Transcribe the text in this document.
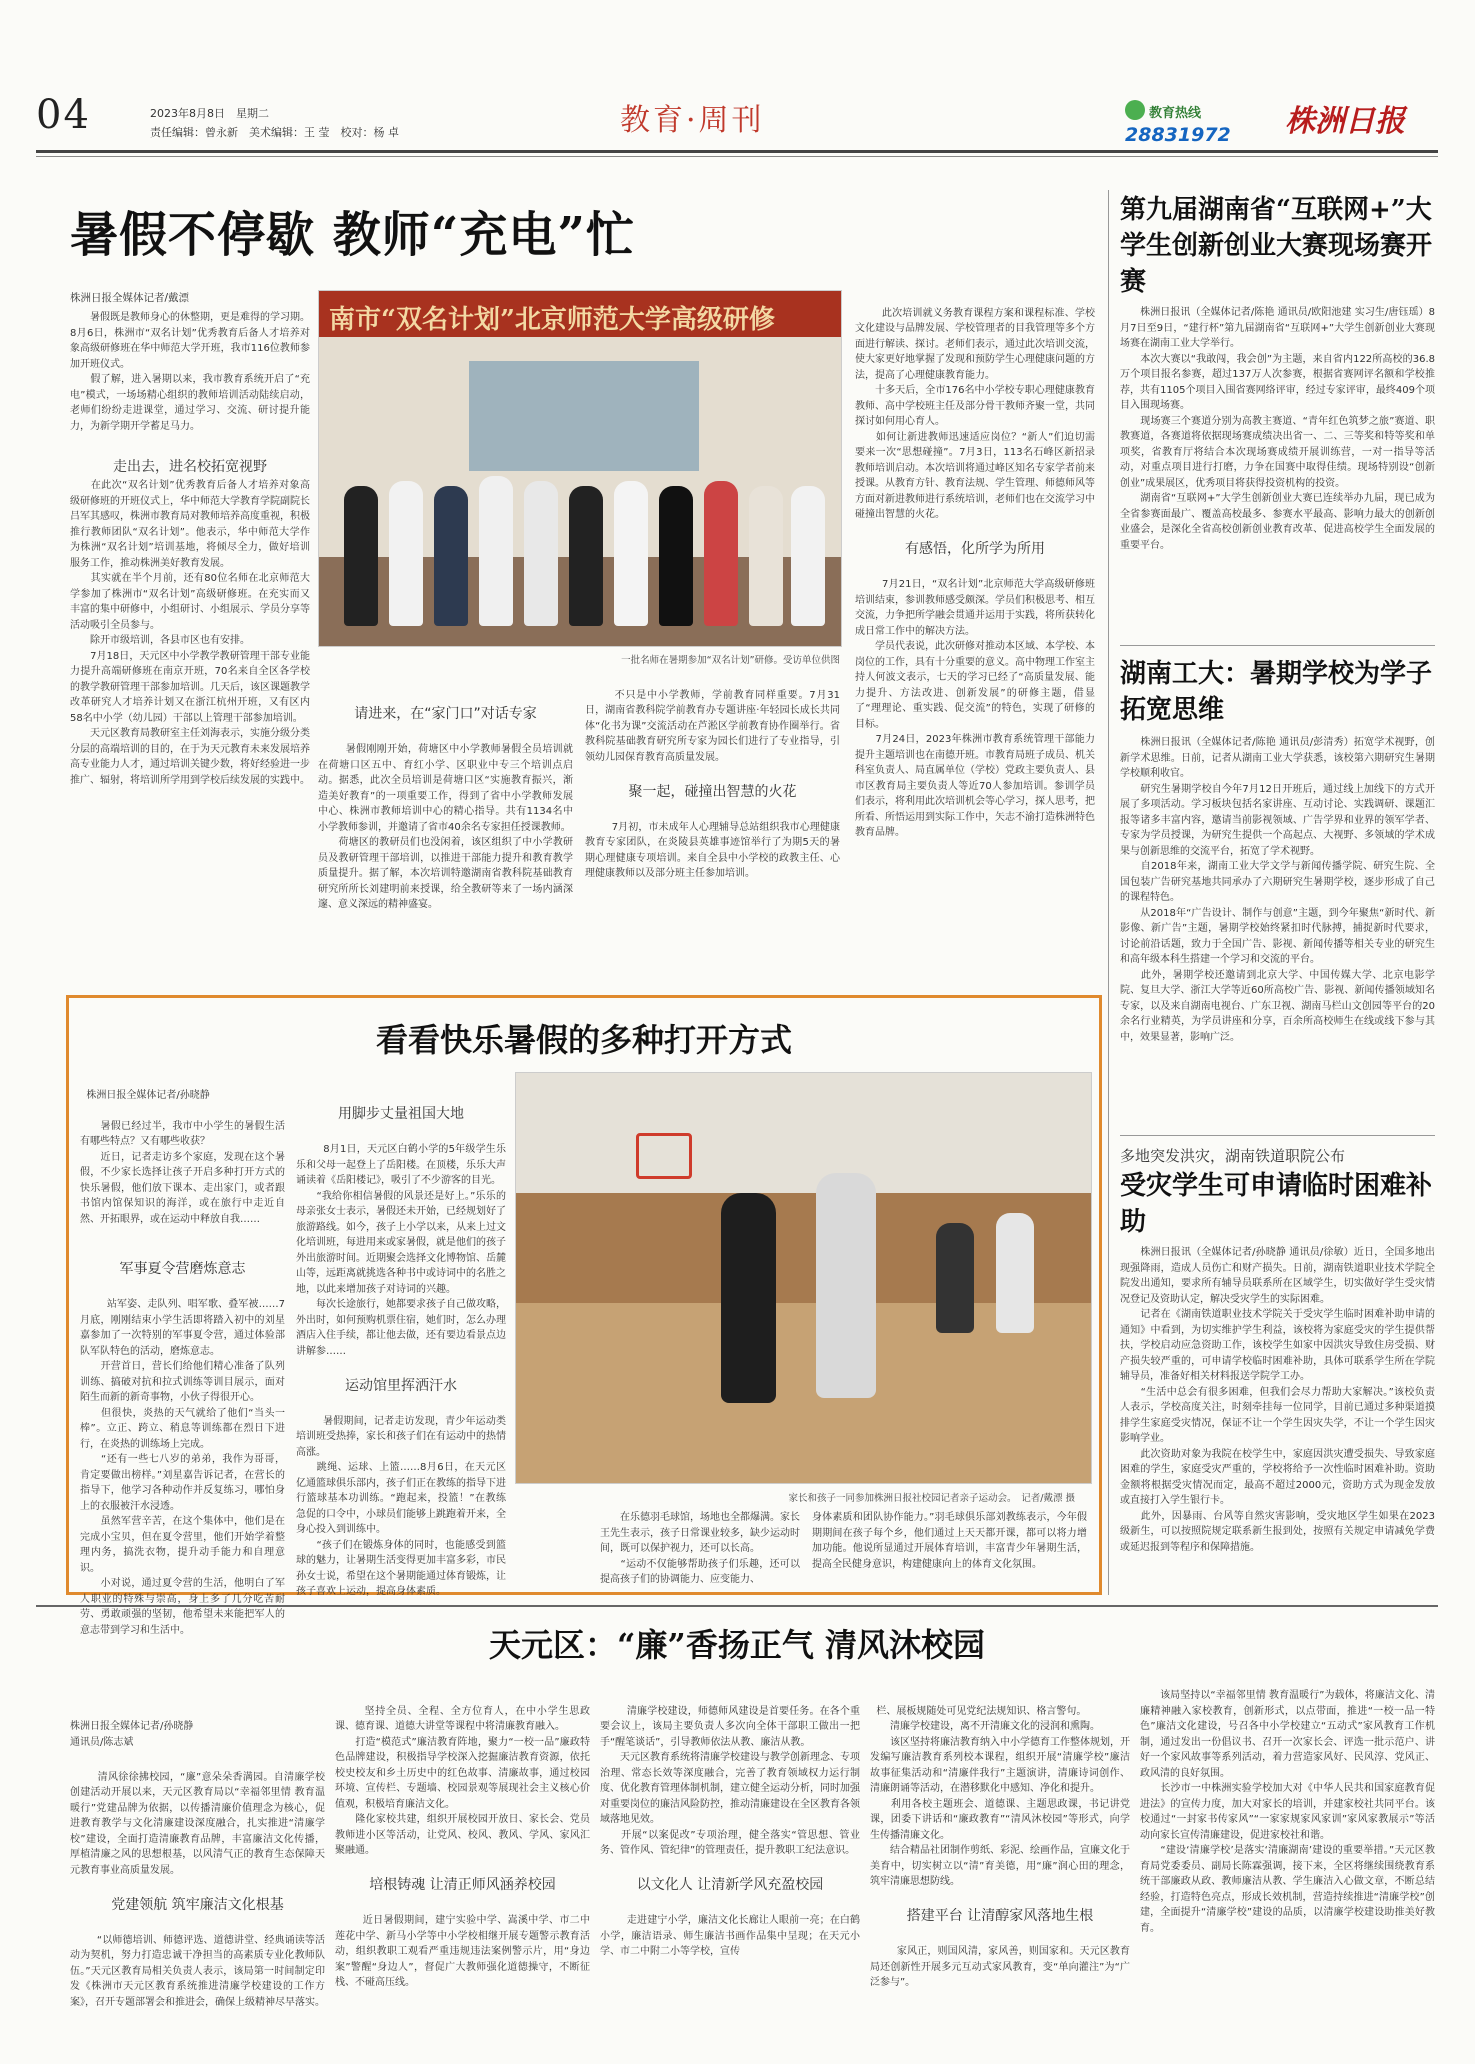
04	2023年8月8日　星期二
责任编辑：曾永新　美术编辑：王 莹　校对：杨 卓	教育·周刊	教育热线
28831972 株洲日报
暑假不停歇 教师“充电”忙
株洲日报全媒体记者/戴漂
　　暑假既是教师身心的休整期，更是难得的学习期。8月6日，株洲市“双名计划”优秀教育后备人才培养对象高级研修班在华中师范大学开班，我市116位教师参加开班仪式。
　　假了解，进入暑期以来，我市教育系统开启了“充电”模式，一场场精心组织的教师培训活动陆续启动，老师们纷纷走进课堂，通过学习、交流、研讨提升能力，为新学期开学蓄足马力。
走出去，进名校拓宽视野
　　在此次“双名计划”优秀教育后备人才培养对象高级研修班的开班仪式上，华中师范大学教育学院副院长吕军其感叹，株洲市教育局对教师培养高度重视，积极推行教师团队“双名计划”。他表示，华中师范大学作为株洲“双名计划”培训基地，将倾尽全力，做好培训服务工作，推动株洲美好教育发展。
　　其实就在半个月前，还有80位名师在北京师范大学参加了株洲市“双名计划”高级研修班。在充实而又丰富的集中研修中，小组研讨、小组展示、学员分享等活动吸引全员参与。
　　除开市级培训，各县市区也有安排。
　　7月18日，天元区中小学教学教研管理干部专业能力提升高端研修班在南京开班，70名来自全区各学校的教学教研管理干部参加培训。几天后，该区课题教学改革研究人才培养计划又在浙江杭州开班，又有区内58名中小学（幼儿园）干部以上管理干部参加培训。
　　天元区教育局教研室主任刘海表示，实施分级分类分层的高端培训的目的，在于为天元教育未来发展培养高专业能力人才，通过培训关键少数，将好经验进一步推广、辐射，将培训所学用到学校后续发展的实践中。
南市“双名计划”北京师范大学高级研修
一批名师在暑期参加“双名计划”研修。受访单位供图

请进来，在“家门口”对话专家

　　暑假刚刚开始，荷塘区中小学教师暑假全员培训就在荷塘口区五中、育红小学、区职业中专三个培训点启动。据悉，此次全员培训是荷塘口区“实施教育振兴，渐造美好教育”的一项重要工作，得到了省中小学教师发展中心、株洲市教师培训中心的精心指导。共有1134名中小学教师参训，并邀请了省市40余名专家担任授课教师。
　　荷塘区的教研员们也没闲着，该区组织了中小学教研员及教研管理干部培训，以推进干部能力提升和教育教学质量提升。据了解，本次培训特邀湖南省教科院基础教育研究所所长刘建明前来授课，给全教研等来了一场内涵深邃、意义深远的精神盛宴。

　　不只是中小学教师，学前教育同样重要。7月31日，湖南省教科院学前教育办专题讲座·年轻园长成长共同体“化书为课”交流活动在芦淞区学前教育协作圈举行。省教科院基础教育研究所专家为园长们进行了专业指导，引领幼儿园保育教育高质量发展。

聚一起，碰撞出智慧的火花

　　7月初，市未成年人心理辅导总站组织我市心理健康教育专家团队，在炎陵县英雄事迹馆举行了为期5天的暑期心理健康专项培训。来自全县中小学校的政教主任、心理健康教师以及部分班主任参加培训。

　　此次培训就义务教育课程方案和课程标准、学校文化建设与品牌发展、学校管理者的目我管理等多个方面进行解读、探讨。老师们表示，通过此次培训交流，使大家更好地掌握了发现和预防学生心理健康问题的方法，提高了心理健康教育能力。
　　十多天后，全市176名中小学校专职心理健康教育教师、高中学校班主任及部分骨干教师齐聚一堂，共同探讨如何用心育人。
　　如何让新进教师迅速适应岗位？“新人”们迫切需要来一次“思想碰撞”。7月3日，113名石峰区新招录教师培训启动。本次培训将通过峰区知名专家学者前来授课。从教育方针、教育法规、学生管理、师德师风等方面对新进教师进行系统培训，老师们也在交流学习中碰撞出智慧的火花。

有感悟，化所学为所用

　　7月21日，“双名计划”北京师范大学高级研修班培训结束，参训教师感受颇深。学员们积极思考、相互交流，力争把所学融会贯通并运用于实践，将所获转化成日常工作中的解决方法。
　　学员代表说，此次研修对推动本区域、本学校、本岗位的工作，具有十分重要的意义。高中物理工作室主持人何波文表示，七天的学习已经了“高质量发展、能力提升、方法改进、创新发展”的研修主题，借显了“理理论、重实践、促交流”的特色，实现了研修的目标。
　　7月24日，2023年株洲市教育系统管理干部能力提升主题培训也在南德开班。市教育局班子成员、机关科室负责人、局直属单位（学校）党政主要负责人、县市区教育局主要负责人等近70人参加培训。参训学员们表示，将利用此次培训机会等心学习，探人思考，把所看、所悟运用到实际工作中，矢志不渝打造株洲特色教育品牌。

第九届湖南省“互联网+”大学生创新创业大赛现场赛开赛
　　株洲日报讯（全媒体记者/陈艳 通讯员/欧阳池建 实习生/唐钰瑶）8月7日至9日，“建行杯”第九届湖南省“互联网+”大学生创新创业大赛现场赛在湖南工业大学举行。
　　本次大赛以“我敢闯，我会创”为主题，来自省内122所高校的36.8万个项目报名参赛，超过137万人次参赛，根据省赛网评名额和学校推荐，共有1105个项目入围省赛网络评审，经过专家评审，最终409个项目入围现场赛。
　　现场赛三个赛道分别为高教主赛道、“青年红色筑梦之旅”赛道、职教赛道，各赛道将依据现场赛成绩决出省一、二、三等奖和特等奖和单项奖，省教育厅将结合本次现场赛成绩开展训练营，一对一指导等活动，对重点项目进行打磨，力争在国赛中取得佳绩。现场特别设“创新创业”成果展区，优秀项目将获得投资机构的投资。
　　湖南省“互联网+”大学生创新创业大赛已连续举办九届，现已成为全省参赛面最广、覆盖高校最多、参赛水平最高、影响力最大的创新创业盛会，是深化全省高校创新创业教育改革、促进高校学生全面发展的重要平台。
湖南工大：暑期学校为学子拓宽思维
　　株洲日报讯（全媒体记者/陈艳 通讯员/彭清秀）拓宽学术视野，创新学术思维。日前，记者从湖南工业大学获悉，该校第六期研究生暑期学校顺利收官。
　　研究生暑期学校自今年7月12日开班后，通过线上加线下的方式开展了多项活动。学习板块包括名家讲座、互动讨论、实践调研、课题汇报等诸多丰富内容，邀请当前影视领域、广告学界和业界的领军学者、专家为学员授课，为研究生提供一个高起点、大视野、多领域的学术成果与创新思维的交流平台，拓宽了学术视野。
　　自2018年来，湖南工业大学文学与新闻传播学院、研究生院、全国包装广告研究基地共同承办了六期研究生暑期学校，逐步形成了自己的课程特色。
　　从2018年“广告设计、制作与创意”主题，到今年聚焦“新时代、新影像、新广告”主题，暑期学校始终紧扣时代脉搏，捕捉新时代要求，讨论前沿话题，致力于全国广告、影视、新闻传播等相关专业的研究生和高年级本科生搭建一个学习和交流的平台。
　　此外，暑期学校还邀请到北京大学、中国传媒大学、北京电影学院、复旦大学、浙江大学等近60所高校广告、影视、新闻传播领域知名专家，以及来自湖南电视台、广东卫视、湖南马栏山文创园等平台的20余名行业精英，为学员讲座和分享，百余所高校师生在线或线下参与其中，效果显著，影响广泛。
多地突发洪灾，湖南铁道职院公布
受灾学生可申请临时困难补助
　　株洲日报讯（全媒体记者/孙晓静 通讯员/徐敏）近日，全国多地出现强降雨，造成人员伤亡和财产损失。日前，湖南铁道职业技术学院全院发出通知，要求所有辅导员联系所在区域学生，切实做好学生受灾情况登记及资助认定，解决受灾学生的实际困难。
　　记者在《湖南铁道职业技术学院关于受灾学生临时困难补助申请的通知》中看到，为切实维护学生利益，该校将为家庭受灾的学生提供帮扶，学校启动应急资助工作，该校学生如家中因洪灾导致住房受损、财产损失较严重的，可申请学校临时困难补助，具体可联系学生所在学院辅导员，准备好相关材料报送学院学工办。
　　“生活中总会有很多困难，但我们会尽力帮助大家解决。”该校负责人表示，学校高度关注，时刻牵挂每一位同学，目前已通过多种渠道摸排学生家庭受灾情况，保证不让一个学生因灾失学，不让一个学生因灾影响学业。
　　此次资助对象为我院在校学生中，家庭因洪灾遭受损失、导致家庭困难的学生，家庭受灾严重的，学校将给予一次性临时困难补助。资助金额将根据受灾情况而定，最高不超过2000元，资助方式为现金发放或直接打入学生银行卡。
　　此外，因暴雨、台风等自然灾害影响，受灾地区学生如果在2023级新生，可以按照院规定联系新生报到处，按照有关规定申请减免学费或延迟报到等程序和保障措施。
看看快乐暑假的多种打开方式

株洲日报全媒体记者/孙晓静

　　暑假已经过半，我市中小学生的暑假生活有哪些特点？又有哪些收获？
　　近日，记者走访多个家庭，发现在这个暑假，不少家长选择让孩子开启多种打开方式的快乐暑假，他们放下课本、走出家门，或者跟书馆内馆保知识的海洋，或在旅行中走近自然、开拓眼界，或在运动中释放自我……

军事夏令营磨炼意志

　　站军姿、走队列、唱军歌、叠军被……7月底，刚刚结束小学生活即将踏入初中的刘星嘉参加了一次特别的军事夏令营，通过体验部队军队特色的活动，磨炼意志。
　　开营首日，营长们给他们精心准备了队列训练、搞破对抗和拉式训练等训目展示，面对陌生而新的新奇事物，小伙子得很开心。
　　但很快，炎热的天气就给了他们“当头一棒”。立正、跨立、稍息等训练都在烈日下进行，在炎热的训练场上完成。
　　“还有一些七八岁的弟弟，我作为哥哥，肯定要做出榜样。”刘星嘉告诉记者，在营长的指导下，他学习各种动作并反复练习，哪怕身上的衣服被汗水浸透。
　　虽然军营辛苦，在这个集体中，他们是在完成小宝贝，但在夏令营里，他们开始学着整理内务，搞洗衣物，提升动手能力和自理意识。
　　小对说，通过夏令营的生活，他明白了军人职业的特殊与崇高，身上多了几分吃苦耐劳、勇敢顽强的坚韧，他希望未来能把军人的意志带到学习和生活中。

用脚步丈量祖国大地

　　8月1日，天元区白鹤小学的5年级学生乐乐和父母一起登上了岳阳楼。在顶楼，乐乐大声诵读着《岳阳楼记》，吸引了不少游客的目光。
　　“我给你相信暑假的风景还是好上。”乐乐的母亲张女士表示，暑假还未开始，已经规划好了旅游路线。如今，孩子上小学以来，从来上过文化培训班，每进用来或家暑假，就是他们的孩子外出旅游时间。近期聚会选择文化博物馆、岳麓山等，远距离就挑选各种书中或诗词中的名胜之地，以此来增加孩子对诗词的兴趣。
　　每次长途旅行，她都要求孩子自己做攻略，外出时，如何预购机票住宿，她们时，怎么办理酒店入住手续，都让他去做，还有要边看景点边讲解参……

运动馆里挥洒汗水

　　暑假期间，记者走访发现，青少年运动类培训班受热捧，家长和孩子们在有运动中的热情高涨。
　　跳绳、运球、上篮……8月6日，在天元区亿通篮球俱乐部内，孩子们正在教练的指导下进行篮球基本功训练。“跑起来，投篮！”在教练急促的口令中，小球员们能够上跳跑着开来，全身心投入到训练中。
　　“孩子们在锻炼身体的同时，也能感受到篮球的魅力，让暑期生活变得更加丰富多彩，市民孙女士说，希望在这个暑期能通过体育锻炼，让孩子喜欢上运动，提高身体素质。

家长和孩子一同参加株洲日报社校园记者亲子运动会。　记者/戴漂 摄
　　在乐德羽毛球馆，场地也全都爆满。家长王先生表示，孩子日常课业较多，缺少运动时间，既可以保护视力，还可以长高。
　　“运动不仅能够帮助孩子们乐趣，还可以提高孩子们的协调能力、应变能力、
身体素质和团队协作能力。”羽毛球俱乐部刘教练表示，今年假期期间在孩子每个乡，他们通过上天天都开课，都可以将力增加功能。他说所显通过开展体育培训，丰富青少年暑期生活，提高全民健身意识，构建健康向上的体育文化氛围。
天元区：“廉”香扬正气 清风沐校园

株洲日报全媒体记者/孙晓静
通讯员/陈志斌

　　清风徐徐拂校园，“廉”意朵朵香满园。自清廉学校创建活动开展以来，天元区教育局以“幸福邻里情 教育温暖行”党建品牌为依据，以传播清廉价值理念为核心，促进教育教学与文化清廉建设深度融合，扎实推进“清廉学校”建设，全面打造清廉教育品牌，丰富廉洁文化传播，厚植清廉之风的思想根基，以风清气正的教育生态保障天元教育事业高质量发展。

党建领航 筑牢廉洁文化根基

　　“以师德培训、师德评选、道德讲堂、经典诵读等活动为契机，努力打造忠诚干净担当的高素质专业化教师队伍。”天元区教育局相关负责人表示，该局第一时间制定印发《株洲市天元区教育系统推进清廉学校建设的工作方案》，召开专题部署会和推进会，确保上级精神尽早落实。

　　坚持全员、全程、全方位育人，在中小学生思政课、德育课、道德大讲堂等课程中将清廉教育融入。
　　打造“模范式”廉洁教育阵地，聚力“一校一品”廉政特色品牌建设，积极指导学校深入挖掘廉洁教育资源，依托校史校友和乡土历史中的红色故事、清廉故事，通过校园环境、宣传栏、专题墙、校园景观等展现社会主义核心价值观，积极培育廉洁文化。
　　隆化家校共建，组织开展校园开放日、家长会、党员教师进小区等活动，让党风、校风、教风、学风、家风汇聚融通。

培根铸魂 让清正师风涵养校园

　　近日暑假期间，建宁实验中学、嵩溪中学、市二中莲花中学、新马小学等中小学校相继开展专题警示教育活动，组织教职工观看严重违规违法案例警示片，用“身边案”警醒“身边人”，督促广大教师强化道德操守，不断征栈、不碰高压线。

　　清廉学校建设，师德师风建设是首要任务。在各个重要会议上，该局主要负责人多次向全体干部职工做出一把手“醒笔谈话”，引导教师依法从教、廉洁从教。
　　天元区教育系统将清廉学校建设与教学创新理念、专项治理、常态长效等深度融合，完善了教育领域权力运行制度、优化教育管理体制机制，建立健全运动分析，同时加强对重要岗位的廉洁风险防控，推动清廉建设在全区教育各领域落地见效。
　　开展“以案促改”专项治理，健全落实“管思想、管业务、管作风、管纪律”的管理责任，提升教职工纪法意识。

以文化人 让清新学风充盈校园

　　走进建宁小学，廉洁文化长廊让人眼前一亮；在白鹤小学，廉洁语录、师生廉洁书画作品集中呈现；在天元小学、市二中附二小等学校，宣传

栏、展板规随处可见党纪法规知识、格言警句。
　　清廉学校建设，离不开清廉文化的浸润和熏陶。
　　该区坚持将廉洁教育纳入中小学德育工作整体规划，开发编写廉洁教育系列校本课程，组织开展“清廉学校”廉洁故事征集活动和“清廉伴我行”主题演讲，清廉诗词创作、清廉朗诵等活动，在潜移默化中感知、净化和提升。
　　利用各校主题班会、道德课、主题思政课，书记讲党课，团委下讲话和“廉政教育”“清风沐校园”等形式，向学生传播清廉文化。
　　结合精品社团制作剪纸、彩泥、绘画作品，宣廉文化于美育中，切实树立以“清”育美德，用“廉”润心田的理念，筑牢清廉思想防线。

搭建平台 让清醇家风落地生根

　　家风正，则国风清，家风善，则国家和。天元区教育局还创新性开展多元互动式家风教育，变“单向灌注”为“广泛参与”。

　　该局坚持以“幸福邻里情 教育温暖行”为载体，将廉洁文化、清廉精神融入家校教育，创新形式，以点带面，推进“一校一品一特色”廉洁文化建设，号召各中小学校建立“五动式”家风教育工作机制，通过发出一份倡议书、召开一次家长会、评选一批示范户、讲好一个家风故事等系列活动，着力营造家风好、民风淳、党风正、政风清的良好氛围。
　　长沙市一中株洲实验学校加大对《中华人民共和国家庭教育促进法》的宣传力度，加大对家长的培训，并建家校社共同平台。该校通过“一封家书传家风”“一家家规家风家训”家风家教展示”等活动向家长宣传清廉建设，促进家校社和谐。
　　“建设‘清廉学校’是落实‘清廉湖南’建设的重要举措。”天元区教育局党委委员、副局长陈霖强调，接下来，全区将继续围绕教育系统干部廉政从政、教师廉洁从教、学生廉洁入心做文章，不断总结经验，打造特色亮点，形成长效机制，营造持续推进“清廉学校”创建，全面提升“清廉学校”建设的品质，以清廉学校建设助推美好教育。
